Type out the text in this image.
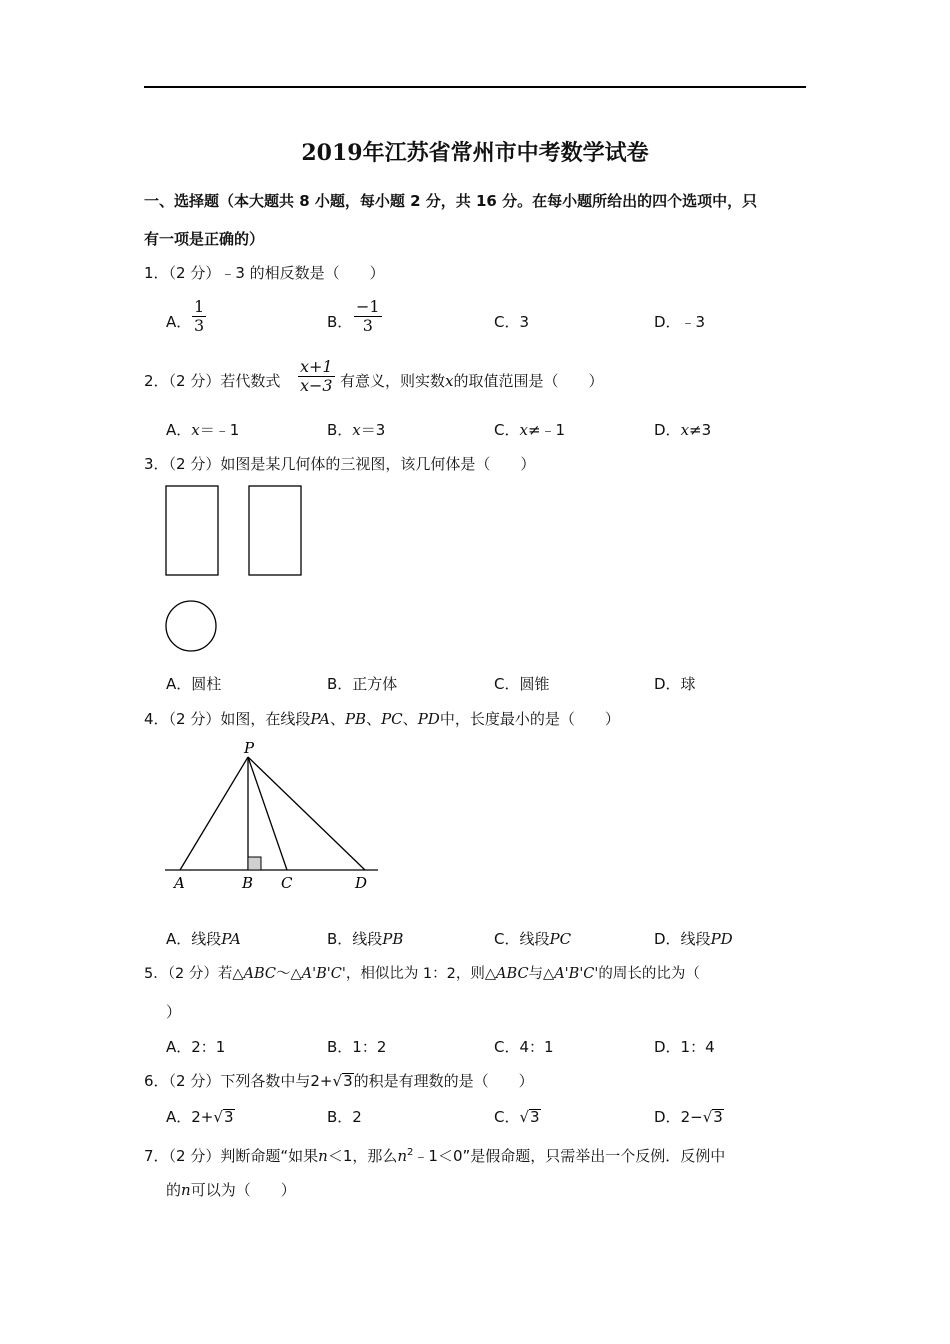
2019年江苏省常州市中考数学试卷
一、选择题（本大题共 8 小题，每小题 2 分，共 16 分。在每小题所给出的四个选项中，只
有一项是正确的）
1．（2 分）﹣3 的相反数是（　　）
A． $\frac{1}{3}$	B． $\frac{-1}{3}$	C．3	D．﹣3
2．（2 分）若代数式 $\frac{x+1}{x-3}$ 有意义，则实数x的取值范围是（　　）
A．x＝﹣1	B．x＝3	C．x≠﹣1	D．x≠3
3．（2 分）如图是某几何体的三视图，该几何体是（　　）
A．圆柱	B．正方体	C．圆锥	D．球
4．（2 分）如图，在线段PA、PB、PC、PD中，长度最小的是（　　）
P
A	B C	D
A．线段PA	B．线段PB	C．线段PC	D．线段PD
5．（2 分）若△ABC～△A'B'C'，相似比为 1：2，则△ABC与△A'B'C'的周长的比为（
）
A．2：1	B．1：2	C．4：1	D．1：4
6．（2 分）下列各数中与2+√3的积是有理数的是（　　）
A．2+√3	B．2	C．√3	D．2−√3
7．（2 分）判断命题“如果n＜1，那么$n^2﹣1<0$”是假命题，只需举出一个反例．反例中
的n可以为（　　）
